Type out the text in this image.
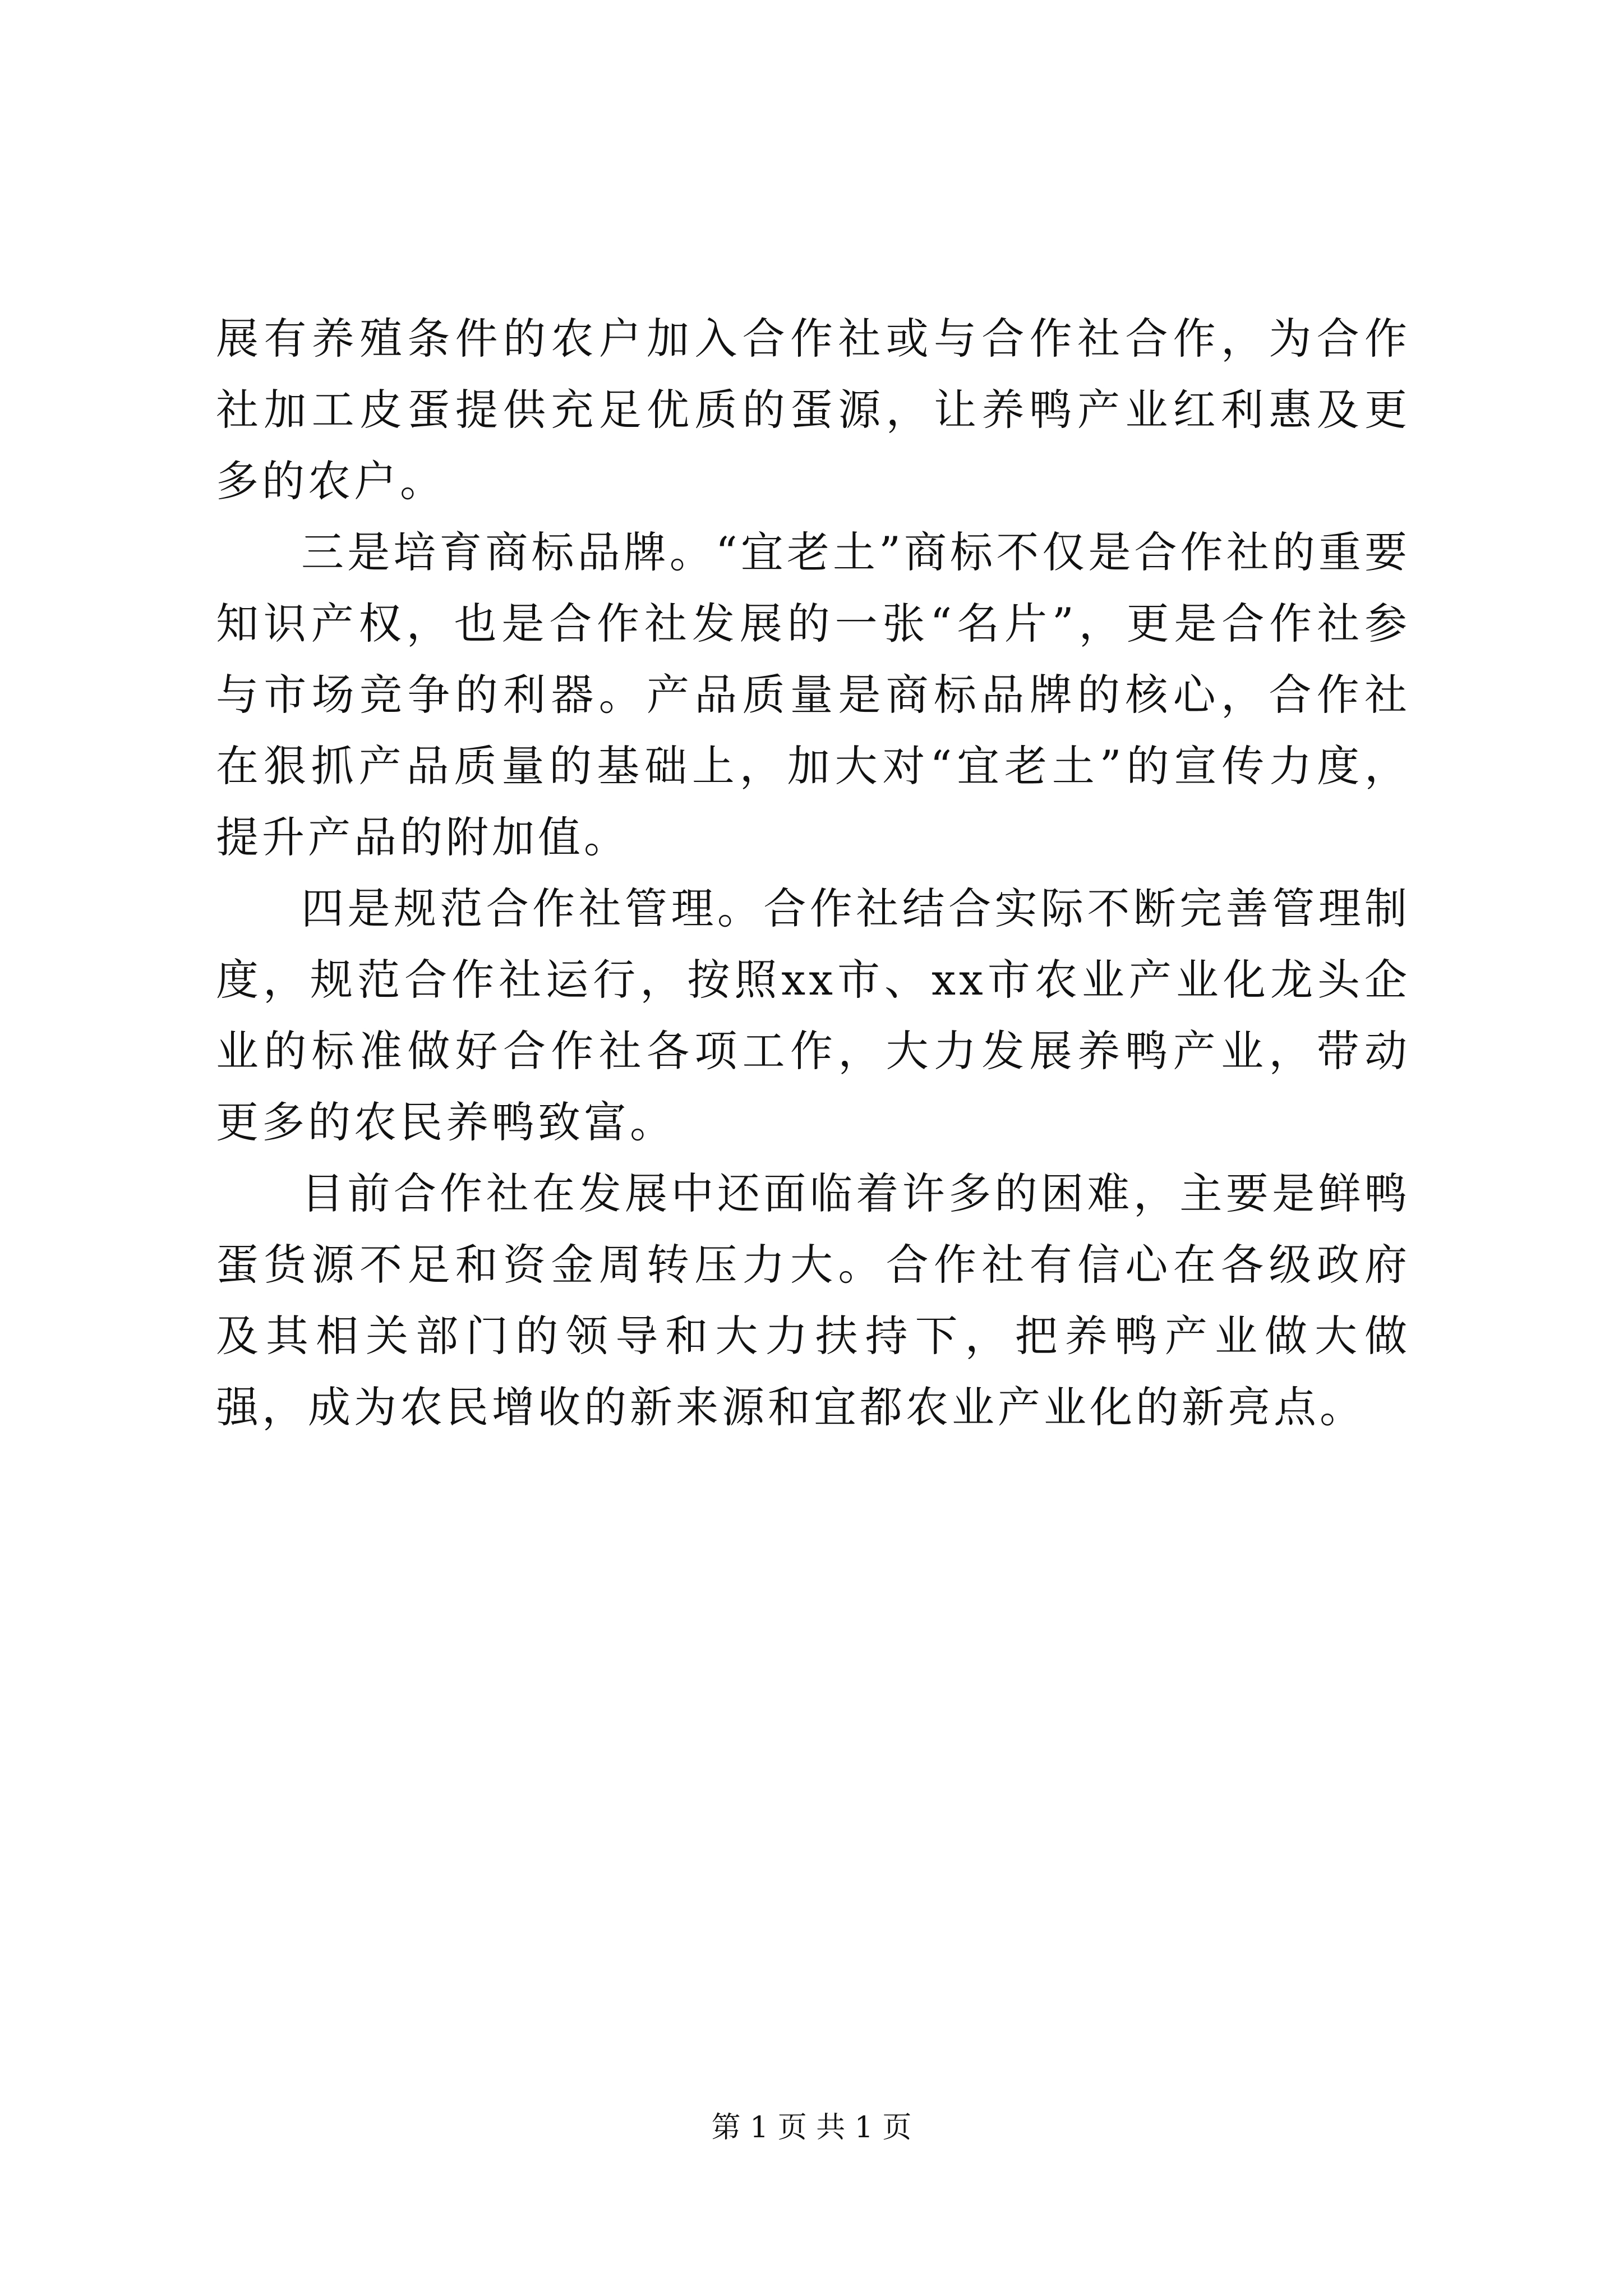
展有养殖条件的农户加入合作社或与合作社合作，为合作社加工皮蛋提供充足优质的蛋源，让养鸭产业红利惠及更多的农户。

三是培育商标品牌。“宜老土”商标不仅是合作社的重要知识产权，也是合作社发展的一张“名片”，更是合作社参与市场竞争的利器。产品质量是商标品牌的核心，合作社在狠抓产品质量的基础上，加大对“宜老土”的宣传力度，提升产品的附加值。

四是规范合作社管理。合作社结合实际不断完善管理制度，规范合作社运行，按照xx市、xx市农业产业化龙头企业的标准做好合作社各项工作，大力发展养鸭产业，带动更多的农民养鸭致富。

目前合作社在发展中还面临着许多的困难，主要是鲜鸭蛋货源不足和资金周转压力大。合作社有信心在各级政府及其相关部门的领导和大力扶持下，把养鸭产业做大做强，成为农民增收的新来源和宜都农业产业化的新亮点。

第 1 页 共 1 页
